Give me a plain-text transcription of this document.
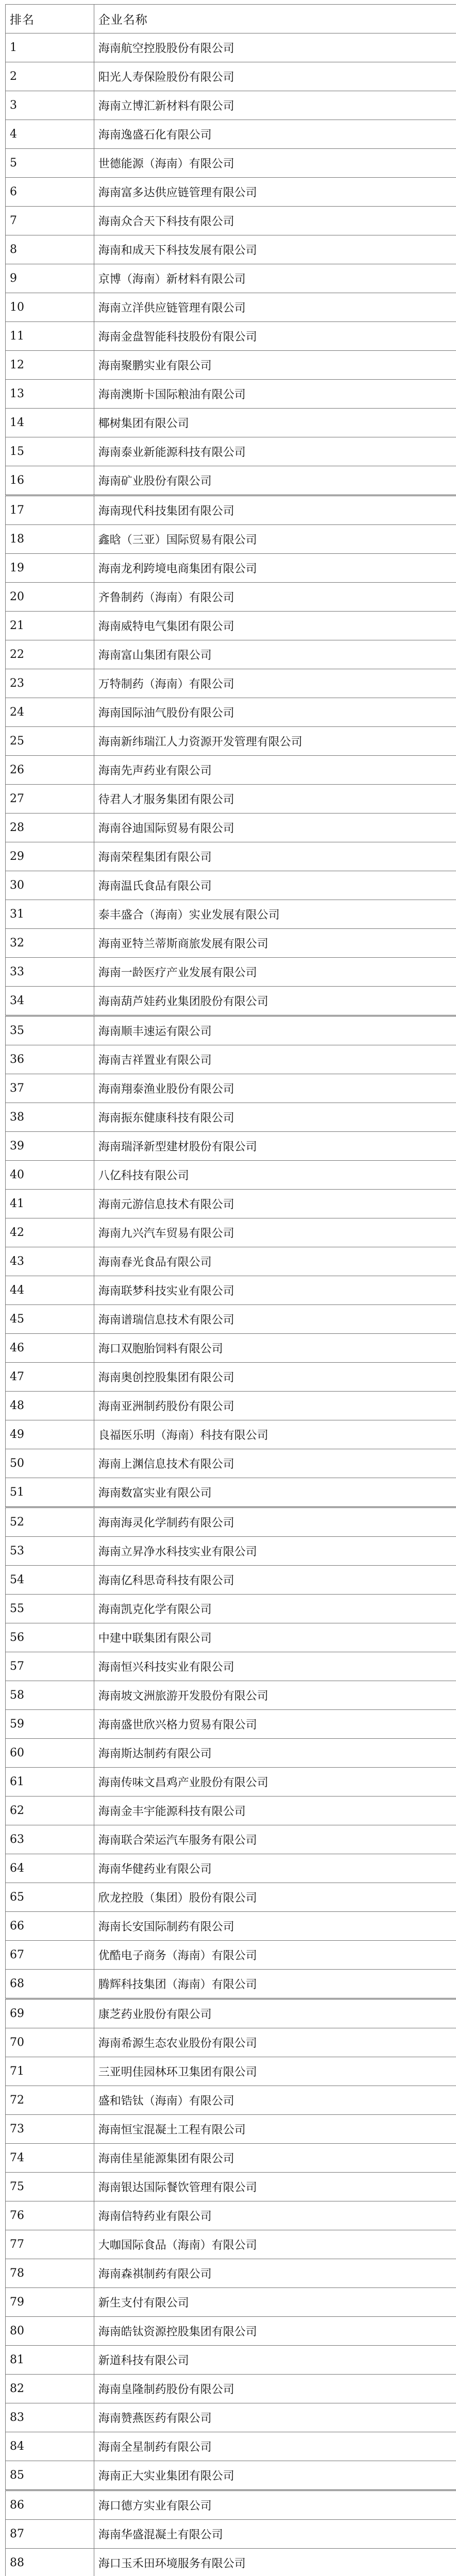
排名	企业名称
1	海南航空控股股份有限公司
2	阳光人寿保险股份有限公司
3	海南立博汇新材料有限公司
4	海南逸盛石化有限公司
5	世德能源（海南）有限公司
6	海南富多达供应链管理有限公司
7	海南众合天下科技有限公司
8	海南和成天下科技发展有限公司
9	京博（海南）新材料有限公司
10	海南立洋供应链管理有限公司
11	海南金盘智能科技股份有限公司
12	海南聚鹏实业有限公司
13	海南澳斯卡国际粮油有限公司
14	椰树集团有限公司
15	海南泰业新能源科技有限公司
16	海南矿业股份有限公司
17	海南现代科技集团有限公司
18	鑫晗（三亚）国际贸易有限公司
19	海南龙利跨境电商集团有限公司
20	齐鲁制药（海南）有限公司
21	海南威特电气集团有限公司
22	海南富山集团有限公司
23	万特制药（海南）有限公司
24	海南国际油气股份有限公司
25	海南新纬瑞江人力资源开发管理有限公司
26	海南先声药业有限公司
27	待君人才服务集团有限公司
28	海南谷迪国际贸易有限公司
29	海南荣程集团有限公司
30	海南温氏食品有限公司
31	泰丰盛合（海南）实业发展有限公司
32	海南亚特兰蒂斯商旅发展有限公司
33	海南一龄医疗产业发展有限公司
34	海南葫芦娃药业集团股份有限公司
35	海南顺丰速运有限公司
36	海南吉祥置业有限公司
37	海南翔泰渔业股份有限公司
38	海南振东健康科技有限公司
39	海南瑞泽新型建材股份有限公司
40	八亿科技有限公司
41	海南元游信息技术有限公司
42	海南九兴汽车贸易有限公司
43	海南春光食品有限公司
44	海南联梦科技实业有限公司
45	海南谱瑞信息技术有限公司
46	海口双胞胎饲料有限公司
47	海南奥创控股集团有限公司
48	海南亚洲制药股份有限公司
49	良福医乐明（海南）科技有限公司
50	海南上渊信息技术有限公司
51	海南数富实业有限公司
52	海南海灵化学制药有限公司
53	海南立昇净水科技实业有限公司
54	海南亿科思奇科技有限公司
55	海南凯克化学有限公司
56	中建中联集团有限公司
57	海南恒兴科技实业有限公司
58	海南坡文洲旅游开发股份有限公司
59	海南盛世欣兴格力贸易有限公司
60	海南斯达制药有限公司
61	海南传味文昌鸡产业股份有限公司
62	海南金丰宇能源科技有限公司
63	海南联合荣运汽车服务有限公司
64	海南华健药业有限公司
65	欣龙控股（集团）股份有限公司
66	海南长安国际制药有限公司
67	优酷电子商务（海南）有限公司
68	腾辉科技集团（海南）有限公司
69	康芝药业股份有限公司
70	海南希源生态农业股份有限公司
71	三亚明佳园林环卫集团有限公司
72	盛和锆钛（海南）有限公司
73	海南恒宝混凝土工程有限公司
74	海南佳星能源集团有限公司
75	海南银达国际餐饮管理有限公司
76	海南信特药业有限公司
77	大咖国际食品（海南）有限公司
78	海南森祺制药有限公司
79	新生支付有限公司
80	海南皓钛资源控股集团有限公司
81	新道科技有限公司
82	海南皇隆制药股份有限公司
83	海南赞燕医药有限公司
84	海南全星制药有限公司
85	海南正大实业集团有限公司
86	海口德方实业有限公司
87	海南华盛混凝土有限公司
88	海口玉禾田环境服务有限公司
